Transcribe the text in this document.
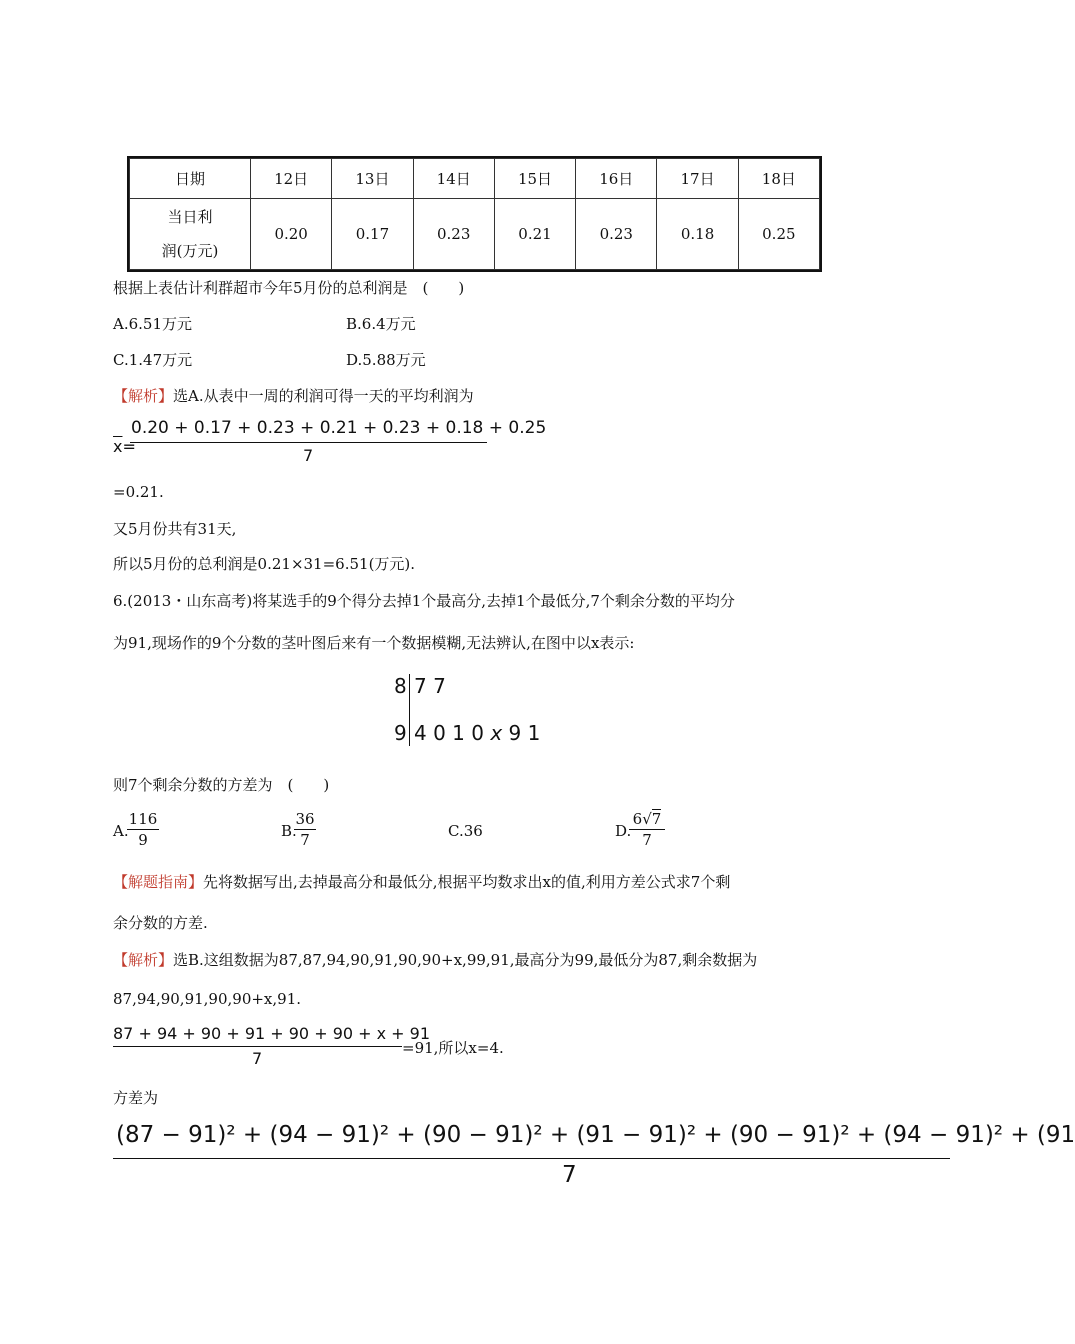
日期	12日	13日	14日	15日	16日	17日	18日

当日利
润(万元)	0.20	0.17	0.23	0.21	0.23	0.18	0.25
根据上表估计利群超市今年5月份的总利润是　(　　)
A.6.51万元	B.6.4万元
C.1.47万元	D.5.88万元
【解析】选A.从表中一周的利润可得一天的平均利润为
$\overline{x}=$
0.20 + 0.17 + 0.23 + 0.21 + 0.23 + 0.18 + 0.25
7
=0.21.
又5月份共有31天,
所以5月份的总利润是0.21×31=6.51(万元).
6.(2013・山东高考)将某选手的9个得分去掉1个最高分,去掉1个最低分,7个剩余分数的平均分
为91,现场作的9个分数的茎叶图后来有一个数据模糊,无法辨认,在图中以x表示:
8 7 7
9 4 0 1 0 x 9 1
则7个剩余分数的方差为　(　　)
A.
$\frac{116}{9}$	B.
$\frac{36}{7}$	C.36	D.
$\frac{6√7}{7}$
【解题指南】先将数据写出,去掉最高分和最低分,根据平均数求出x的值,利用方差公式求7个剩
余分数的方差.
【解析】选B.这组数据为87,87,94,90,91,90,90+x,99,91,最高分为99,最低分为87,剩余数据为
87,94,90,91,90,90+x,91.
87 + 94 + 90 + 91 + 90 + 90 + x + 91
7
=91,所以x=4.
方差为
(87 − 91)² + (94 − 91)² + (90 − 91)² + (91 − 91)² + (90 − 91)² + (94 − 91)² + (91
7
